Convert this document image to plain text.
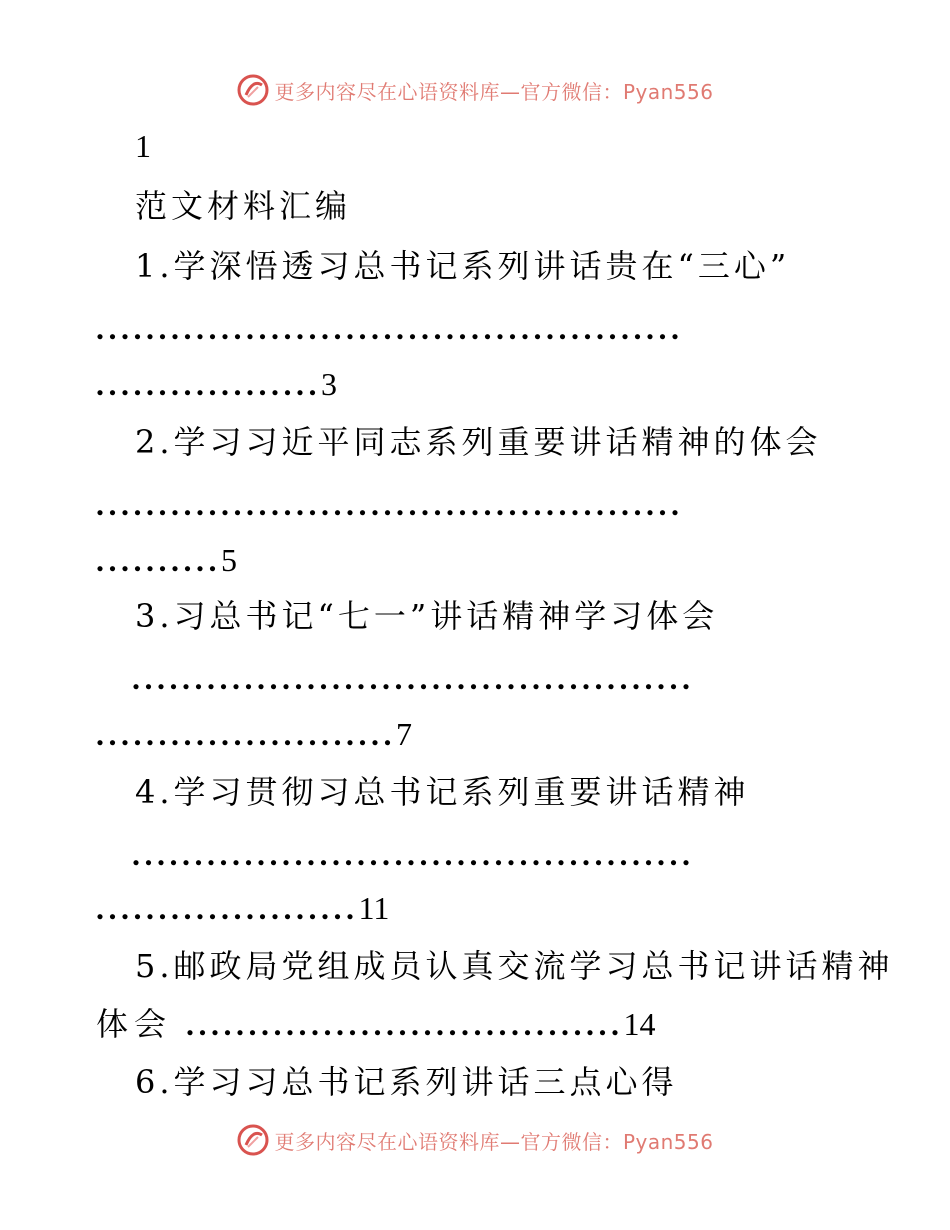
更多内容尽在心语资料库—官方微信：Pyan556
1
范文材料汇编
1.学深悟透习总书记系列讲话贵在“三心”
...............................................
..................3
2.学习习近平同志系列重要讲话精神的体会
...............................................
..........5
3.习总书记“七一”讲话精神学习体会
.............................................
........................7
4.学习贯彻习总书记系列重要讲话精神
.............................................
.....................11
5.邮政局党组成员认真交流学习总书记讲话精神
体会 ...................................14
6.学习习总书记系列讲话三点心得
更多内容尽在心语资料库—官方微信：Pyan556
